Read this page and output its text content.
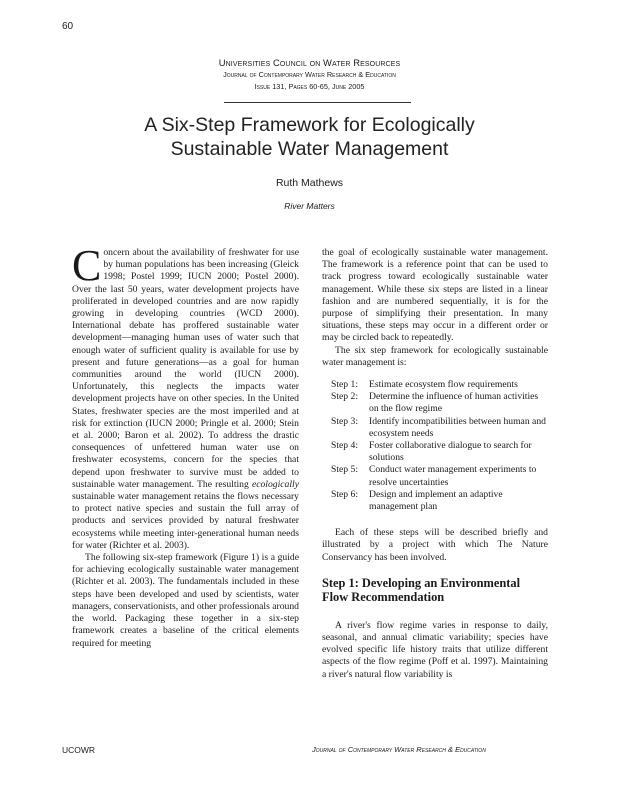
60
Universities Council on Water Resources
Journal of Contemporary Water Research & Education
Issue 131, Pages 60-65, June 2005
A Six-Step Framework for Ecologically
Sustainable Water Management
Ruth Mathews
River Matters

Concern about the availability of freshwater for use by human populations has been increasing (Gleick 1998; Postel 1999; IUCN 2000; Postel 2000). Over the last 50 years, water development projects have proliferated in developed countries and are now rapidly growing in developing countries (WCD 2000). International debate has proffered sustainable water development—managing human uses of water such that enough water of sufficient quality is available for use by present and future generations—as a goal for human communities around the world (IUCN 2000). Unfortunately, this neglects the impacts water development projects have on other species. In the United States, freshwater species are the most imperiled and at risk for extinction (IUCN 2000; Pringle et al. 2000; Stein et al. 2000; Baron et al. 2002). To address the drastic consequences of unfettered human water use on freshwater ecosystems, concern for the species that depend upon freshwater to survive must be added to sustainable water management. The resulting ecologically sustainable water management retains the flows necessary to protect native species and sustain the full array of products and services provided by natural freshwater ecosystems while meeting inter-generational human needs for water (Richter et al. 2003).

The following six-step framework (Figure 1) is a guide for achieving ecologically sustainable water management (Richter et al. 2003). The fundamentals included in these steps have been developed and used by scientists, water managers, conservationists, and other professionals around the world. Packaging these together in a six-step framework creates a baseline of the critical elements required for meeting

the goal of ecologically sustainable water management. The framework is a reference point that can be used to track progress toward ecologically sustainable water management. While these six steps are listed in a linear fashion and are numbered sequentially, it is for the purpose of simplifying their presentation. In many situations, these steps may occur in a different order or may be circled back to repeatedly.

The six step framework for ecologically sustainable water management is:

Step 1:	Estimate ecosystem flow requirements
Step 2:	Determine the influence of human activities on the flow regime
Step 3:	Identify incompatibilities between human and ecosystem needs
Step 4:	Foster collaborative dialogue to search for solutions
Step 5:	Conduct water management experiments to resolve uncertainties
Step 6:	Design and implement an adaptive management plan

Each of these steps will be described briefly and illustrated by a project with which The Nature Conservancy has been involved.

Step 1: Developing an Environmental Flow Recommendation

A river's flow regime varies in response to daily, seasonal, and annual climatic variability; species have evolved specific life history traits that utilize different aspects of the flow regime (Poff et al. 1997). Maintaining a river's natural flow variability is

UCOWR	Journal of Contemporary Water Research & Education
